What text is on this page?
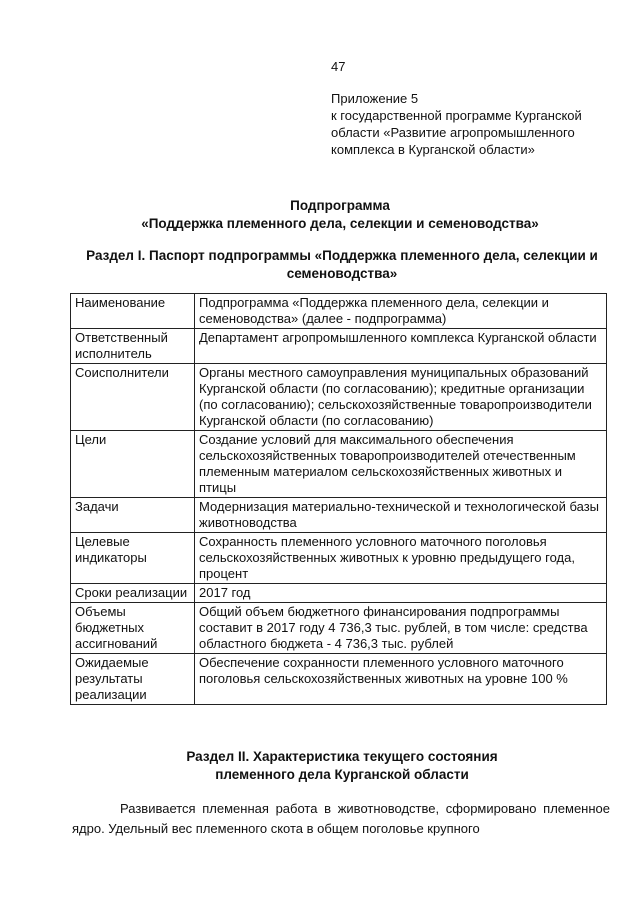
47
Приложение 5
к государственной программе Курганской
области «Развитие агропромышленного
комплекса в Курганской области»
Подпрограмма
«Поддержка племенного дела, селекции и семеноводства»
Раздел I. Паспорт подпрограммы «Поддержка племенного дела, селекции и семеноводства»
Наименование	Подпрограмма «Поддержка племенного дела, селекции и семеноводства» (далее - подпрограмма)
Ответственный исполнитель	Департамент агропромышленного комплекса Курганской области
Соисполнители	Органы местного самоуправления муниципальных образований Курганской области (по согласованию); кредитные организации (по согласованию); сельскохозяйственные товаропроизводители Курганской области (по согласованию)
Цели	Создание условий для максимального обеспечения сельскохозяйственных товаропроизводителей отечественным племенным материалом сельскохозяйственных животных и птицы
Задачи	Модернизация материально-технической и технологической базы животноводства
Целевые индикаторы	Сохранность племенного условного маточного поголовья сельскохозяйственных животных к уровню предыдущего года, процент
Сроки реализации	2017 год
Объемы бюджетных ассигнований	Общий объем бюджетного финансирования подпрограммы составит в 2017 году 4 736,3 тыс. рублей, в том числе: средства областного бюджета - 4 736,3 тыс. рублей
Ожидаемые результаты реализации	Обеспечение сохранности племенного условного маточного поголовья сельскохозяйственных животных на уровне 100 %
Раздел II. Характеристика текущего состояния
племенного дела Курганской области
Развивается племенная работа в животноводстве, сформировано племенное ядро. Удельный вес племенного скота в общем поголовье крупного
